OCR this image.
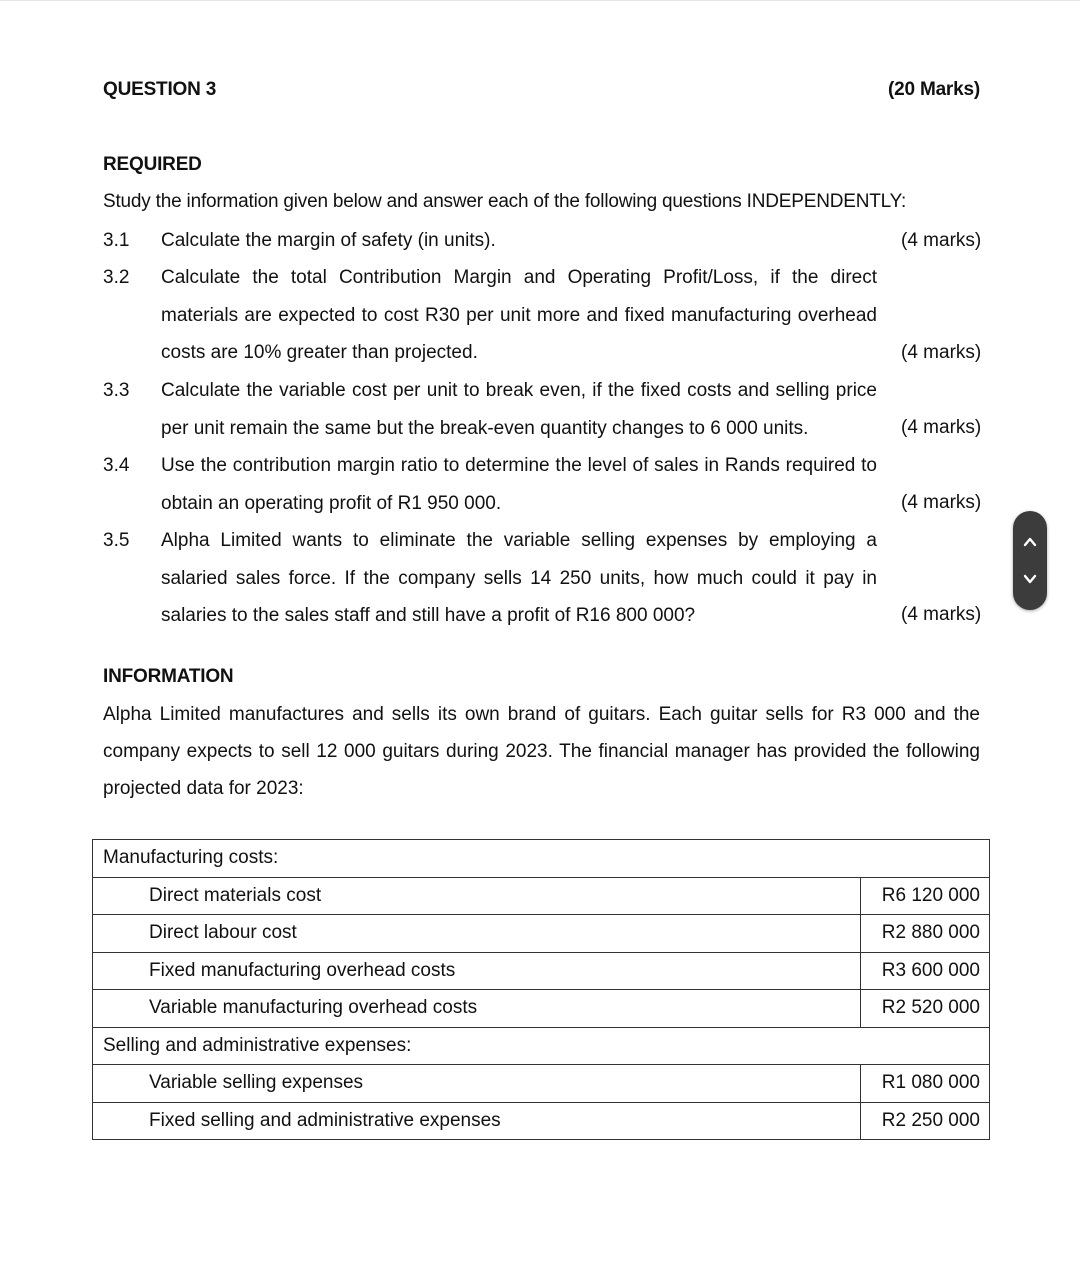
QUESTION 3	(20 Marks)
REQUIRED
Study the information given below and answer each of the following questions INDEPENDENTLY:
3.1 Calculate the margin of safety (in units).	(4 marks)
3.2 Calculate the total Contribution Margin and Operating Profit/Loss, if the direct materials are expected to cost R30 per unit more and fixed manufacturing overhead costs are 10% greater than projected.	(4 marks)
3.3 Calculate the variable cost per unit to break even, if the fixed costs and selling price per unit remain the same but the break-even quantity changes to 6 000 units.	(4 marks)
3.4 Use the contribution margin ratio to determine the level of sales in Rands required to obtain an operating profit of R1 950 000.	(4 marks)
3.5 Alpha Limited wants to eliminate the variable selling expenses by employing a salaried sales force. If the company sells 14 250 units, how much could it pay in salaries to the sales staff and still have a profit of R16 800 000?	(4 marks)
INFORMATION
Alpha Limited manufactures and sells its own brand of guitars. Each guitar sells for R3 000 and the company expects to sell 12 000 guitars during 2023. The financial manager has provided the following projected data for 2023:
Manufacturing costs:	
Direct materials cost	R6 120 000
Direct labour cost	R2 880 000
Fixed manufacturing overhead costs	R3 600 000
Variable manufacturing overhead costs	R2 520 000
Selling and administrative expenses:	
Variable selling expenses	R1 080 000
Fixed selling and administrative expenses	R2 250 000
